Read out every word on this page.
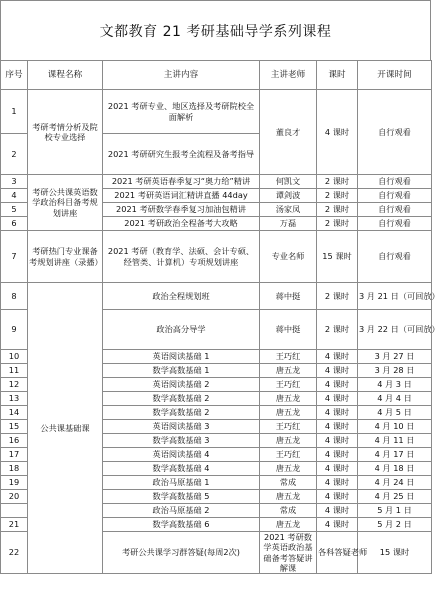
文都教育 21 考研基础导学系列课程
序号	课程名称	主讲内容	主讲老师	课时	开课时间	
1	考研考情分析及院校专业选择	2021 考研专业、地区选择及考研院校全面解析	董良才	4 课时	自行观看	
2		2021 考研研究生报考全流程及备考指导				
3	考研公共课英语数学政治科目备考规划讲座	2021 考研英语春季复习“奥力给”精讲	何凯文	2 课时	自行观看	
4		2021 考研英语词汇精讲直播 44day	谭剑波	2 课时	自行观看	
5		2021 考研数学春季复习加油包精讲	汤家凤	2 课时	自行观看	
6		2021 考研政治全程备考大攻略	万磊	2 课时	自行观看	
7	考研热门专业课备考规划讲座（录播）	2021 考研（教育学、法硕、会计专硕、经管类、计算机）专项规划讲座	专业名师	15 课时	自行观看	
8	公共课基础课	政治全程规划班	蒋中挺	2 课时	3 月 21 日（可回放）	
9		政治高分导学	蒋中挺	2 课时	3 月 22 日（可回放）	
10		英语阅读基础 1	王巧红	4 课时	3 月 27 日	
11		数学高数基础 1	唐五龙	4 课时	3 月 28 日	
12		英语阅读基础 2	王巧红	4 课时	4 月 3 日	
13		数学高数基础 2	唐五龙	4 课时	4 月 4 日	
14		数学高数基础 2	唐五龙	4 课时	4 月 5 日	
15		英语阅读基础 3	王巧红	4 课时	4 月 10 日	
16		数学高数基础 3	唐五龙	4 课时	4 月 11 日	
17		英语阅读基础 4	王巧红	4 课时	4 月 17 日	
18		数学高数基础 4	唐五龙	4 课时	4 月 18 日	
19		政治马原基础 1	常成	4 课时	4 月 24 日	
20		数学高数基础 5	唐五龙	4 课时	4 月 25 日	
		政治马原基础 2	常成	4 课时	5 月 1 日	
21		数学高数基础 6	唐五龙	4 课时	5 月 2 日	
22		考研公共课学习群答疑(每周2次)	2021 考研数学英语政治基础备考答疑讲解课	各科答疑老师	15 课时	
